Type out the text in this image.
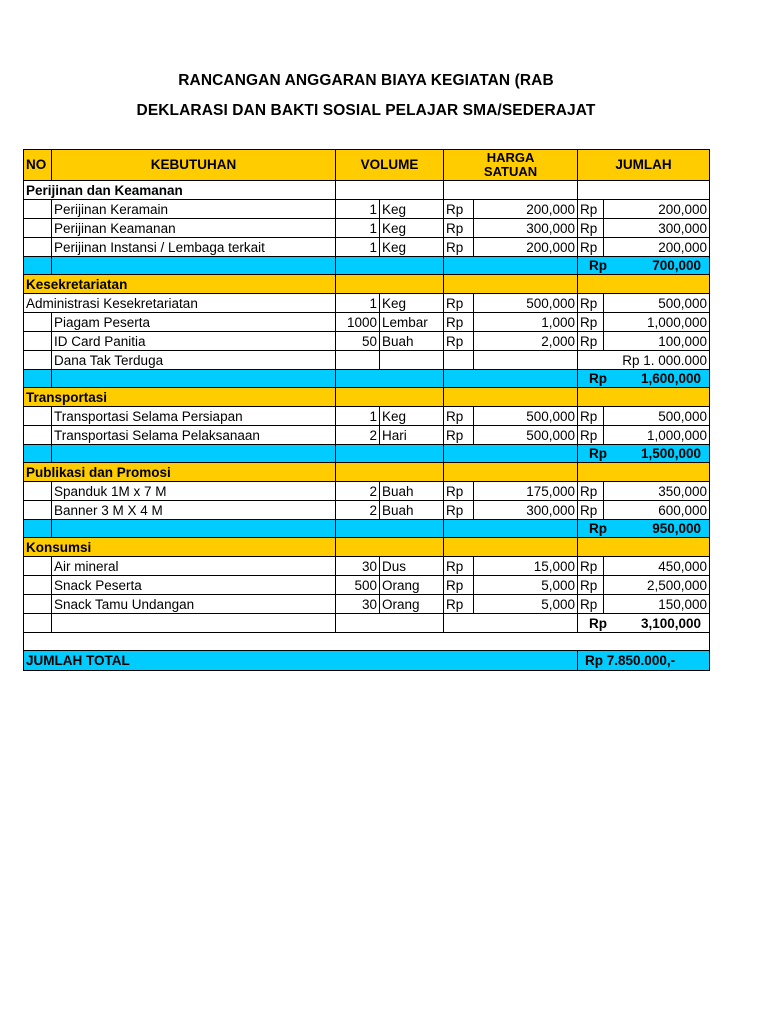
RANCANGAN ANGGARAN BIAYA KEGIATAN (RAB
DEKLARASI DAN BAKTI SOSIAL PELAJAR SMA/SEDERAJAT
NO	KEBUTUHAN	VOLUME		HARGA
SATUAN		JUMLAH	
Perijinan dan Keamanan							
	Perijinan Keramain	1	Keg	Rp	200,000	Rp	200,000
	Perijinan Keamanan	1	Keg	Rp	300,000	Rp	300,000
	Perijinan Instansi / Lembaga terkait	1	Keg	Rp	200,000	Rp	200,000

						Rp 700,000	

Kesekretariatan							
Administrasi Kesekretariatan		1	Keg	Rp	500,000	Rp	500,000
	Piagam Peserta	1000	Lembar	Rp	1,000	Rp	1,000,000
	ID Card Panitia	50	Buah	Rp	2,000	Rp	100,000
	Dana Tak Terduga					Rp 1. 000.000	

						Rp 1,600,000	

Transportasi							
	Transportasi Selama Persiapan	1	Keg	Rp	500,000	Rp	500,000
	Transportasi Selama Pelaksanaan	2	Hari	Rp	500,000	Rp	1,000,000

						Rp 1,500,000	

Publikasi dan Promosi							
	Spanduk 1M x 7 M	2	Buah	Rp	175,000	Rp	350,000
	Banner 3 M X 4 M	2	Buah	Rp	300,000	Rp	600,000

						Rp 950,000	

Konsumsi							
	Air mineral	30	Dus	Rp	15,000	Rp	450,000
	Snack Peserta	500	Orang	Rp	5,000	Rp	2,500,000
	Snack Tamu Undangan	30	Orang	Rp	5,000	Rp	150,000

						Rp 3,100,000	

JUMLAH TOTAL						Rp 7.850.000,-	
